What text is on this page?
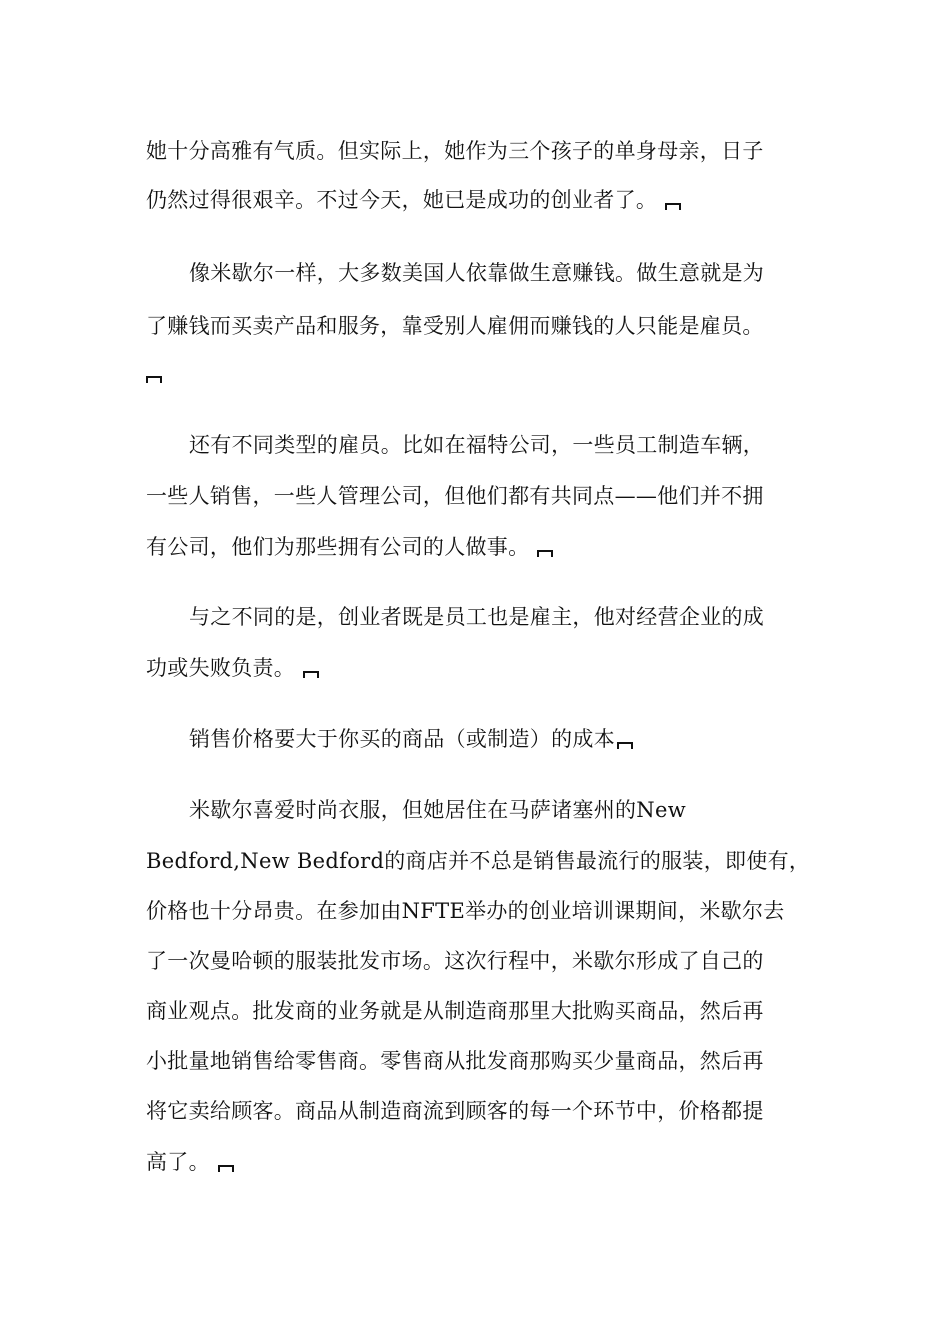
她十分高雅有气质。但实际上，她作为三个孩子的单身母亲，日子
仍然过得很艰辛。不过今天，她已是成功的创业者了。
像米歇尔一样，大多数美国人依靠做生意赚钱。做生意就是为
了赚钱而买卖产品和服务，靠受别人雇佣而赚钱的人只能是雇员。
还有不同类型的雇员。比如在福特公司，一些员工制造车辆，
一些人销售，一些人管理公司，但他们都有共同点——他们并不拥
有公司，他们为那些拥有公司的人做事。
与之不同的是，创业者既是员工也是雇主，他对经营企业的成
功或失败负责。
销售价格要大于你买的商品（或制造）的成本
米歇尔喜爱时尚衣服，但她居住在马萨诸塞州的New
Bedford,New Bedford的商店并不总是销售最流行的服装，即使有，
价格也十分昂贵。在参加由NFTE举办的创业培训课期间，米歇尔去
了一次曼哈顿的服装批发市场。这次行程中，米歇尔形成了自己的
商业观点。批发商的业务就是从制造商那里大批购买商品，然后再
小批量地销售给零售商。零售商从批发商那购买少量商品，然后再
将它卖给顾客。商品从制造商流到顾客的每一个环节中，价格都提
高了。
